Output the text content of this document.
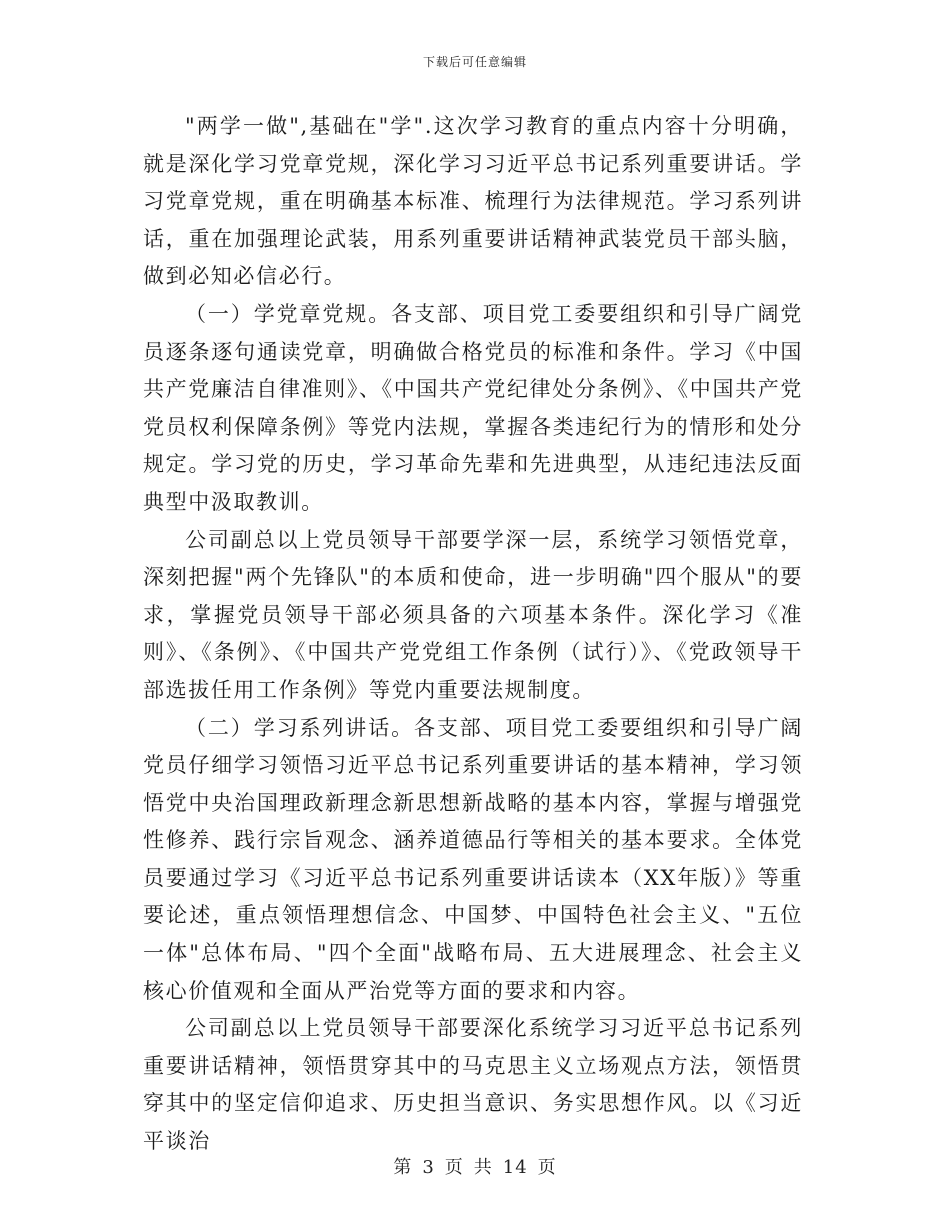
下载后可任意编辑

"两学一做",基础在"学".这次学习教育的重点内容十分明确，就是深化学习党章党规，深化学习习近平总书记系列重要讲话。学习党章党规，重在明确基本标准、梳理行为法律规范。学习系列讲话，重在加强理论武装，用系列重要讲话精神武装党员干部头脑，做到必知必信必行。

（一）学党章党规。各支部、项目党工委要组织和引导广阔党员逐条逐句通读党章，明确做合格党员的标准和条件。学习《中国共产党廉洁自律准则》、《中国共产党纪律处分条例》、《中国共产党党员权利保障条例》等党内法规，掌握各类违纪行为的情形和处分规定。学习党的历史，学习革命先辈和先进典型，从违纪违法反面典型中汲取教训。

公司副总以上党员领导干部要学深一层，系统学习领悟党章，深刻把握"两个先锋队"的本质和使命，进一步明确"四个服从"的要求，掌握党员领导干部必须具备的六项基本条件。深化学习《准则》、《条例》、《中国共产党党组工作条例（试行）》、《党政领导干部选拔任用工作条例》等党内重要法规制度。

（二）学习系列讲话。各支部、项目党工委要组织和引导广阔党员仔细学习领悟习近平总书记系列重要讲话的基本精神，学习领悟党中央治国理政新理念新思想新战略的基本内容，掌握与增强党性修养、践行宗旨观念、涵养道德品行等相关的基本要求。全体党员要通过学习《习近平总书记系列重要讲话读本（XX年版）》等重要论述，重点领悟理想信念、中国梦、中国特色社会主义、"五位一体"总体布局、"四个全面"战略布局、五大进展理念、社会主义核心价值观和全面从严治党等方面的要求和内容。

公司副总以上党员领导干部要深化系统学习习近平总书记系列重要讲话精神，领悟贯穿其中的马克思主义立场观点方法，领悟贯穿其中的坚定信仰追求、历史担当意识、务实思想作风。以《习近平谈治

第 3 页 共 14 页
